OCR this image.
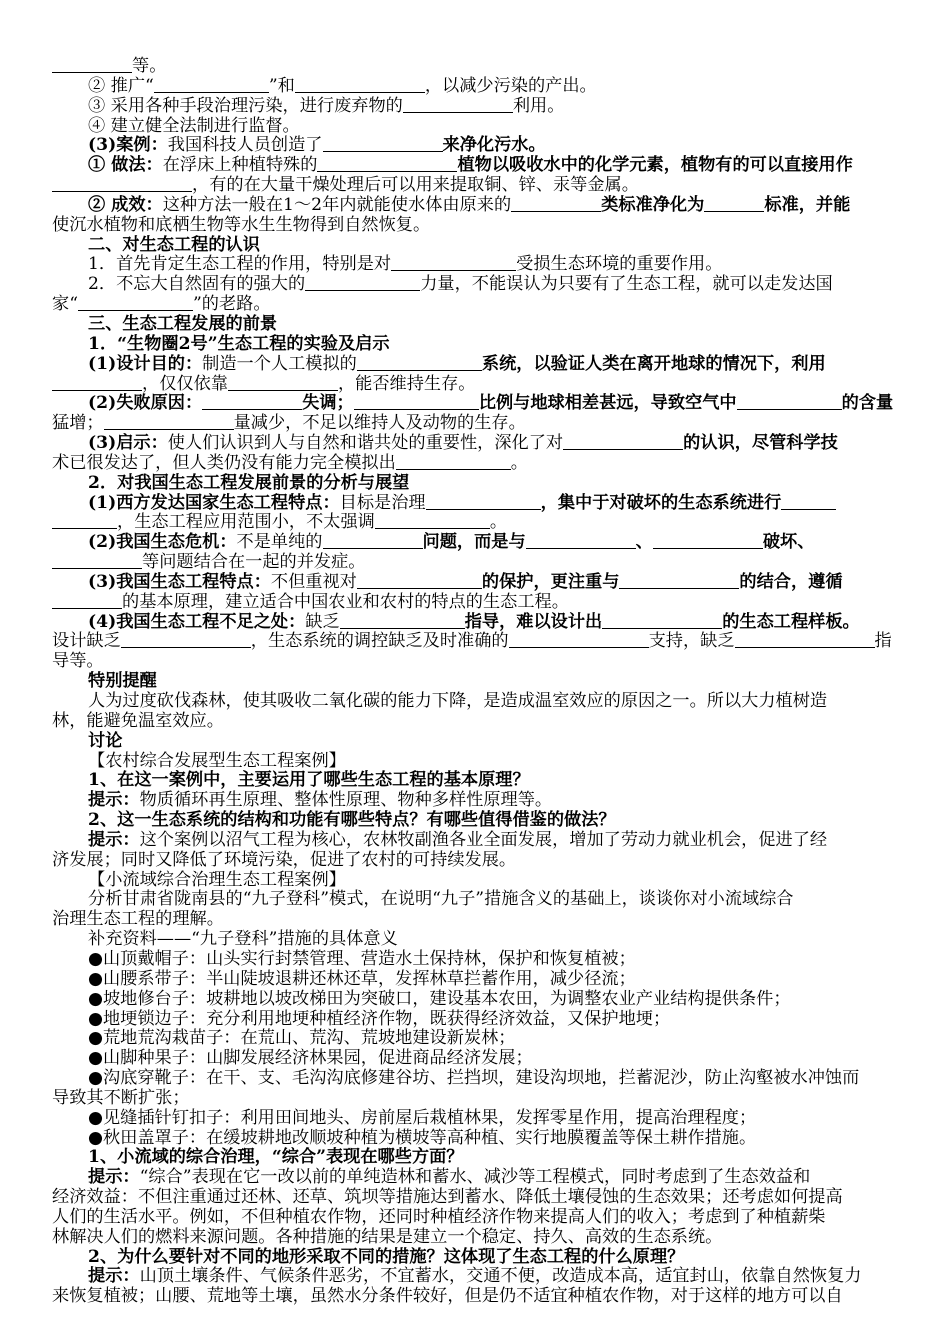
等。
② 推广“	”和	，以减少污染的产出。
③ 采用各种手段治理污染，进行废弃物的	利用。
④ 建立健全法制进行监督。
(3)案例：我国科技人员创造了	来净化污水。
① 做法：在浮床上种植特殊的	植物以吸收水中的化学元素，植物有的可以直接用作
，有的在大量干燥处理后可以用来提取铜、锌、汞等金属。
② 成效：这种方法一般在1～2年内就能使水体由原来的	类标准净化为	标准，并能
使沉水植物和底栖生物等水生生物得到自然恢复。
二、对生态工程的认识
1．首先肯定生态工程的作用，特别是对	受损生态环境的重要作用。
2．不忘大自然固有的强大的	力量，不能误认为只要有了生态工程，就可以走发达国
家“	”的老路。
三、生态工程发展的前景
1．“生物圈2号”生态工程的实验及启示
(1)设计目的：制造一个人工模拟的	系统，以验证人类在离开地球的情况下，利用
，仅仅依靠	，能否维持生存。
(2)失败原因：	失调；	比例与地球相差甚远，导致空气中	的含量
猛增；	量减少，不足以维持人及动物的生存。
(3)启示：使人们认识到人与自然和谐共处的重要性，深化了对	的认识，尽管科学技
术已很发达了，但人类仍没有能力完全模拟出	。
2．对我国生态工程发展前景的分析与展望
(1)西方发达国家生态工程特点：目标是治理	，集中于对破坏的生态系统进行
，生态工程应用范围小，不太强调	。
(2)我国生态危机：不是单纯的	问题，而是与	、	破坏、
等问题结合在一起的并发症。
(3)我国生态工程特点：不但重视对	的保护，更注重与	的结合，遵循
的基本原理，建立适合中国农业和农村的特点的生态工程。
(4)我国生态工程不足之处：缺乏	指导，难以设计出	的生态工程样板。
设计缺乏	，生态系统的调控缺乏及时准确的	支持，缺乏	指
导等。
特别提醒
人为过度砍伐森林，使其吸收二氧化碳的能力下降，是造成温室效应的原因之一。所以大力植树造
林，能避免温室效应。
讨论
【农村综合发展型生态工程案例】
1、在这一案例中，主要运用了哪些生态工程的基本原理？
提示：物质循环再生原理、整体性原理、物种多样性原理等。
2、这一生态系统的结构和功能有哪些特点？有哪些值得借鉴的做法？
提示：这个案例以沼气工程为核心，农林牧副渔各业全面发展，增加了劳动力就业机会，促进了经
济发展；同时又降低了环境污染，促进了农村的可持续发展。
【小流域综合治理生态工程案例】
分析甘肃省陇南县的“九子登科”模式，在说明“九子”措施含义的基础上，谈谈你对小流域综合
治理生态工程的理解。
补充资料——“九子登科”措施的具体意义
●山顶戴帽子：山头实行封禁管理、营造水土保持林，保护和恢复植被；
●山腰系带子：半山陡坡退耕还林还草，发挥林草拦蓄作用，减少径流；
●坡地修台子：坡耕地以坡改梯田为突破口，建设基本农田，为调整农业产业结构提供条件；
●地埂锁边子：充分利用地埂种植经济作物，既获得经济效益，又保护地埂；
●荒地荒沟栽苗子：在荒山、荒沟、荒坡地建设新炭林；
●山脚种果子：山脚发展经济林果园，促进商品经济发展；
●沟底穿靴子：在干、支、毛沟沟底修建谷坊、拦挡坝，建设沟坝地，拦蓄泥沙，防止沟壑被水冲蚀而
导致其不断扩张；
●见缝插针钉扣子：利用田间地头、房前屋后栽植林果，发挥零星作用，提高治理程度；
●秋田盖罩子：在缓坡耕地改顺坡种植为横坡等高种植、实行地膜覆盖等保土耕作措施。
1、小流域的综合治理，“综合”表现在哪些方面？
提示：“综合”表现在它一改以前的单纯造林和蓄水、减沙等工程模式，同时考虑到了生态效益和
经济效益：不但注重通过还林、还草、筑坝等措施达到蓄水、降低土壤侵蚀的生态效果；还考虑如何提高
人们的生活水平。例如，不但种植农作物，还同时种植经济作物来提高人们的收入；考虑到了种植薪柴
林解决人们的燃料来源问题。各种措施的结果是建立一个稳定、持久、高效的生态系统。
2、为什么要针对不同的地形采取不同的措施？这体现了生态工程的什么原理？
提示：山顶土壤条件、气候条件恶劣，不宜蓄水，交通不便，改造成本高，适宜封山，依靠自然恢复力
来恢复植被；山腰、荒地等土壤，虽然水分条件较好，但是仍不适宜种植农作物，对于这样的地方可以自
